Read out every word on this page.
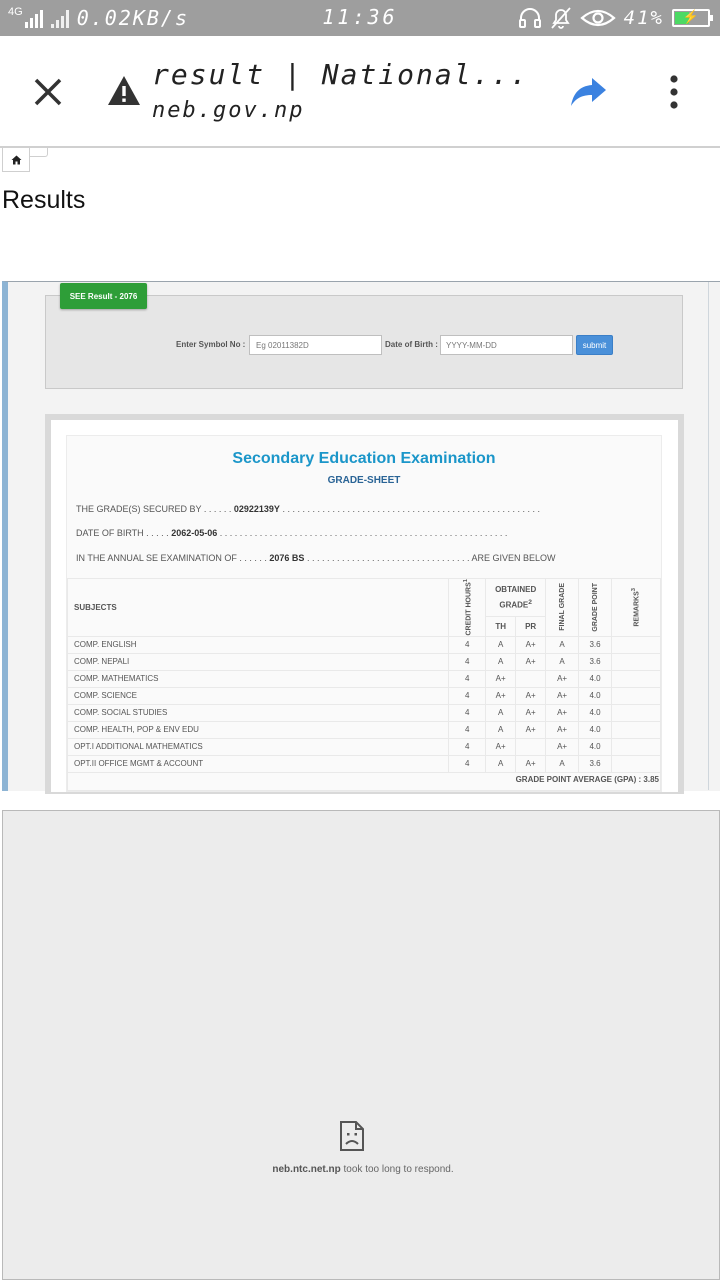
4G	0.02KB/s	11:36	41%	⚡
result | National...
neb.gov.np
Results
SEE Result - 2076
Enter Symbol No :	Eg 02011382D	Date of Birth :	YYYY-MM-DD	submit
Secondary Education Examination
GRADE-SHEET
THE GRADE(S) SECURED BY . . . . . . 02922139Y . . . . . . . . . . . . . . . . . . . . . . . . . . . . . . . . . . . . . . . . . . . . . . . . . . . .
DATE OF BIRTH . . . . . 2062-05-06 . . . . . . . . . . . . . . . . . . . . . . . . . . . . . . . . . . . . . . . . . . . . . . . . . . . . . . . . . .
IN THE ANNUAL SE EXAMINATION OF . . . . . . 2076 BS . . . . . . . . . . . . . . . . . . . . . . . . . . . . . . . . . ARE GIVEN BELOW
SUBJECTS	CREDIT HOURS$^1$	OBTAINED GRADE$^2$		FINAL GRADE	GRADE POINT	REMARKS$^3$

		TH	PR			
COMP. ENGLISH	4	A	A+	A	3.6	
COMP. NEPALI	4	A	A+	A	3.6	
COMP. MATHEMATICS	4	A+		A+	4.0	
COMP. SCIENCE	4	A+	A+	A+	4.0	
COMP. SOCIAL STUDIES	4	A	A+	A+	4.0	
COMP. HEALTH, POP & ENV EDU	4	A	A+	A+	4.0	
OPT.I ADDITIONAL MATHEMATICS	4	A+		A+	4.0	
OPT.II OFFICE MGMT & ACCOUNT	4	A	A+	A	3.6	

GRADE POINT AVERAGE (GPA) : 3.85
neb.ntc.net.np took too long to respond.
